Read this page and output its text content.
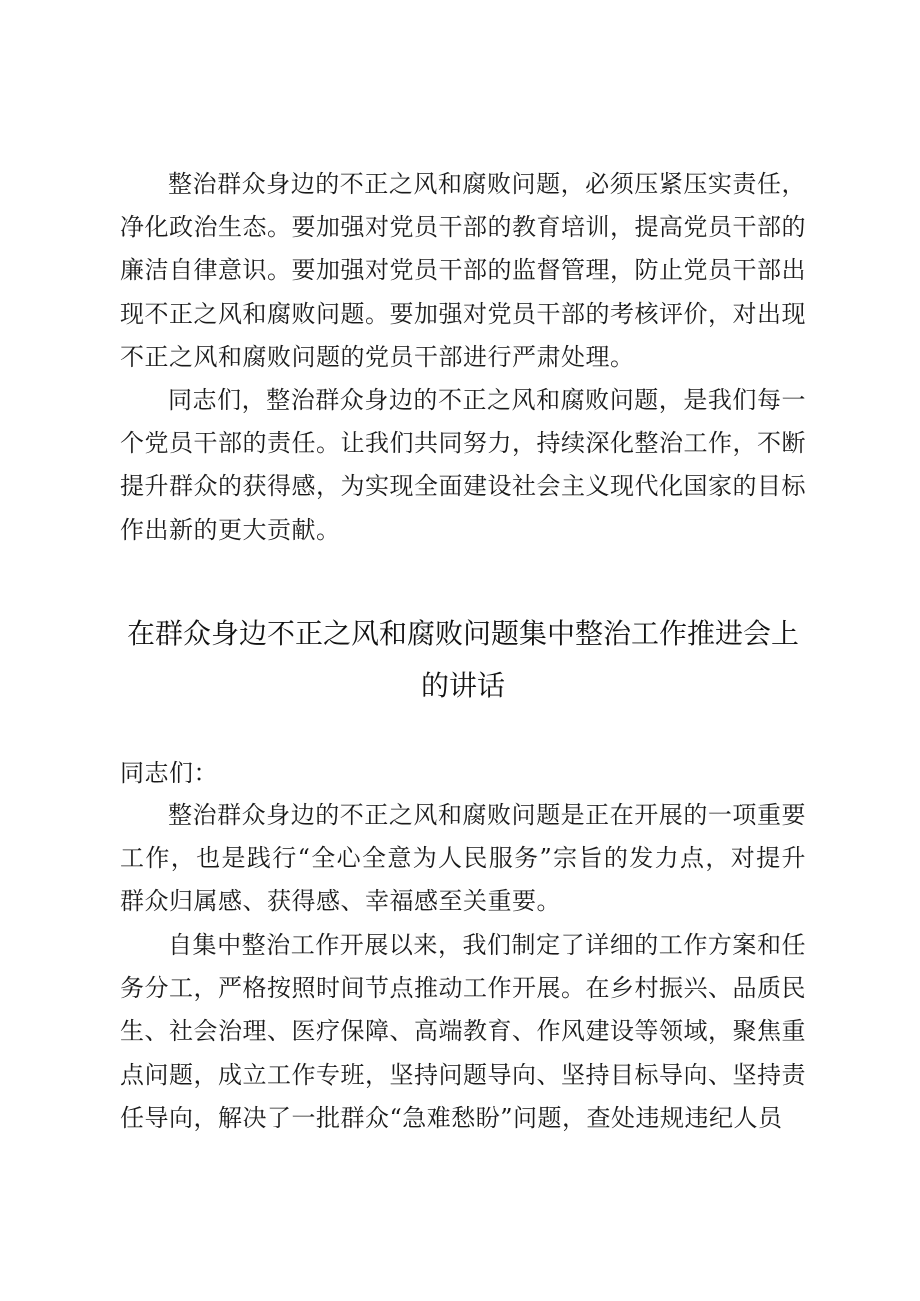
整治群众身边的不正之风和腐败问题，必须压紧压实责任，净化政治生态。要加强对党员干部的教育培训，提高党员干部的廉洁自律意识。要加强对党员干部的监督管理，防止党员干部出现不正之风和腐败问题。要加强对党员干部的考核评价，对出现不正之风和腐败问题的党员干部进行严肃处理。

同志们，整治群众身边的不正之风和腐败问题，是我们每一个党员干部的责任。让我们共同努力，持续深化整治工作，不断提升群众的获得感，为实现全面建设社会主义现代化国家的目标作出新的更大贡献。

在群众身边不正之风和腐败问题集中整治工作推进会上的讲话

同志们：

整治群众身边的不正之风和腐败问题是正在开展的一项重要工作，也是践行“全心全意为人民服务”宗旨的发力点，对提升群众归属感、获得感、幸福感至关重要。

自集中整治工作开展以来，我们制定了详细的工作方案和任务分工，严格按照时间节点推动工作开展。在乡村振兴、品质民生、社会治理、医疗保障、高端教育、作风建设等领域，聚焦重点问题，成立工作专班，坚持问题导向、坚持目标导向、坚持责任导向，解决了一批群众“急难愁盼”问题，查处违规违纪人员
